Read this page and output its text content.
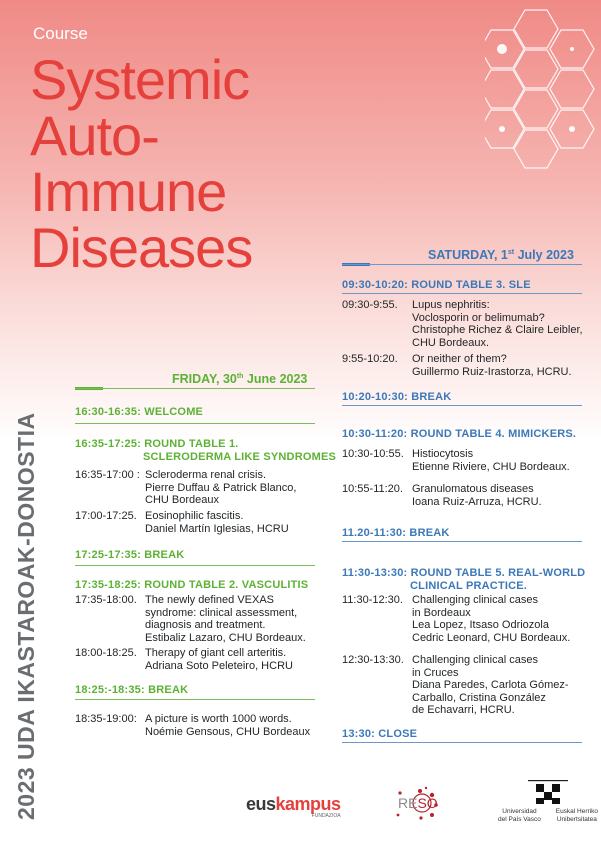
Course
Systemic
Auto-
Immune
Diseases
2023 UDA IKASTAROAK-DONOSTIA
FRIDAY, 30th June 2023
16:30-16:35: WELCOME
16:35-17:25: ROUND TABLE 1.
SCLERODERMA LIKE SYNDROMES
16:35-17:00 : Scleroderma renal crisis.
Pierre Duffau & Patrick Blanco,
CHU Bordeaux
17:00-17:25. Eosinophilic fascitis.
Daniel Martín Iglesias, HCRU
17:25-17:35: BREAK
17:35-18:25: ROUND TABLE 2. VASCULITIS
17:35-18:00. The newly defined VEXAS
syndrome: clinical assessment,
diagnosis and treatment.
Estibaliz Lazaro, CHU Bordeaux.
18:00-18:25. Therapy of giant cell arteritis.
Adriana Soto Peleteiro, HCRU
18:25:-18:35: BREAK
18:35-19:00: A picture is worth 1000 words.
Noémie Gensous, CHU Bordeaux
SATURDAY, 1st July 2023
09:30-10:20: ROUND TABLE 3. SLE
09:30-9:55.	Lupus nephritis:
Voclosporin or belimumab?
Christophe Richez & Claire Leibler,
CHU Bordeaux.
9:55-10:20.	Or neither of them?
Guillermo Ruiz-Irastorza, HCRU.
10:20-10:30: BREAK
10:30-11:20: ROUND TABLE 4. MIMICKERS.
10:30-10:55. Histiocytosis
Etienne Riviere, CHU Bordeaux.
10:55-11:20. Granulomatous diseases
Ioana Ruiz-Arruza, HCRU.
11.20-11:30: BREAK
11:30-13:30: ROUND TABLE 5. REAL-WORLD
CLINICAL PRACTICE.
11:30-12:30. Challenging clinical cases
in Bordeaux
Lea Lopez, Itsaso Odriozola
Cedric Leonard, CHU Bordeaux.
12:30-13:30. Challenging clinical cases
in Cruces
Diana Paredes, Carlota Gómez-
Carballo, Cristina González
de Echavarri, HCRU.
13:30: CLOSE
euskampus
FUNDAZIOA
RESO
Universidad
del País Vasco
Euskal Herriko
Unibertsitatea
